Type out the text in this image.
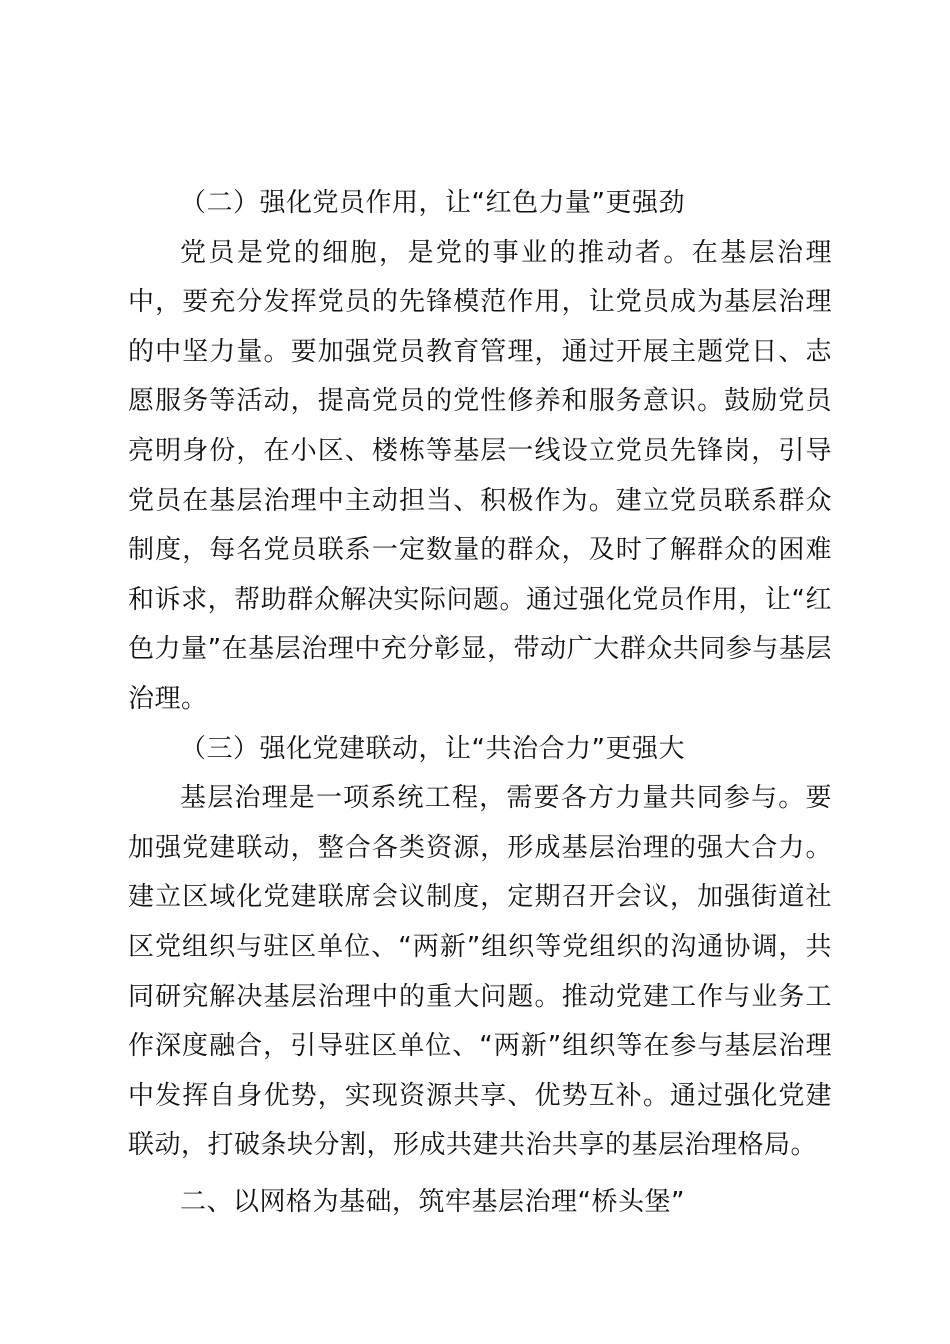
（二）强化党员作用，让“红色力量”更强劲

党员是党的细胞，是党的事业的推动者。在基层治理中，要充分发挥党员的先锋模范作用，让党员成为基层治理的中坚力量。要加强党员教育管理，通过开展主题党日、志愿服务等活动，提高党员的党性修养和服务意识。鼓励党员亮明身份，在小区、楼栋等基层一线设立党员先锋岗，引导党员在基层治理中主动担当、积极作为。建立党员联系群众制度，每名党员联系一定数量的群众，及时了解群众的困难和诉求，帮助群众解决实际问题。通过强化党员作用，让“红色力量”在基层治理中充分彰显，带动广大群众共同参与基层治理。

（三）强化党建联动，让“共治合力”更强大

基层治理是一项系统工程，需要各方力量共同参与。要加强党建联动，整合各类资源，形成基层治理的强大合力。建立区域化党建联席会议制度，定期召开会议，加强街道社区党组织与驻区单位、“两新”组织等党组织的沟通协调，共同研究解决基层治理中的重大问题。推动党建工作与业务工作深度融合，引导驻区单位、“两新”组织等在参与基层治理中发挥自身优势，实现资源共享、优势互补。通过强化党建联动，打破条块分割，形成共建共治共享的基层治理格局。

二、以网格为基础，筑牢基层治理“桥头堡”
